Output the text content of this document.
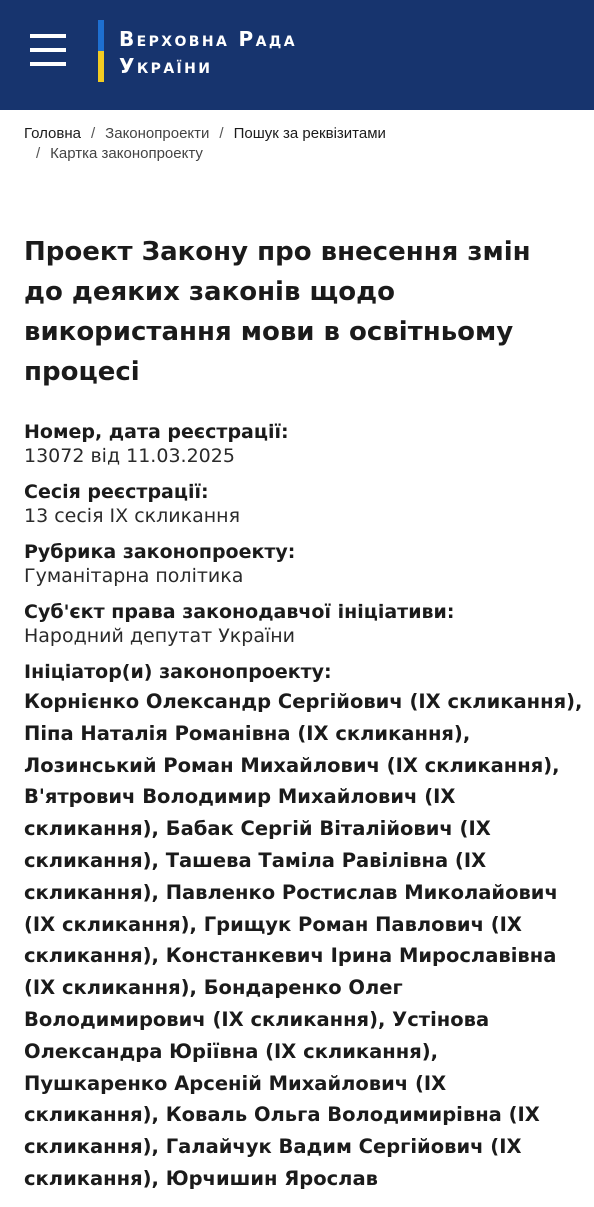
Верховна Рада
України
Головна / Законопроекти / Пошук за реквізитами
/ Картка законопроекту
Проект Закону про внесення змін до деяких законів щодо використання мови в освітньому процесі
Номер, дата реєстрації:
13072 від 11.03.2025
Сесія реєстрації:
13 сесія IX скликання
Рубрика законопроекту:
Гуманітарна політика
Суб'єкт права законодавчої ініціативи:
Народний депутат України
Ініціатор(и) законопроекту:
Корнієнко Олександр Сергійович (IX скликання), Піпа Наталія Романівна (IX скликання), Лозинський Роман Михайлович (IX скликання), В'ятрович Володимир Михайлович (IX скликання), Бабак Сергій Віталійович (IX скликання), Ташева Таміла Равілівна (IX скликання), Павленко Ростислав Миколайович (IX скликання), Грищук Роман Павлович (IX скликання), Констанкевич Ірина Мирославівна (IX скликання), Бондаренко Олег Володимирович (IX скликання), Устінова Олександра Юріївна (IX скликання), Пушкаренко Арсеній Михайлович (IX скликання), Коваль Ольга Володимирівна (IX скликання), Галайчук Вадим Сергійович (IX скликання), Юрчишин Ярослав
